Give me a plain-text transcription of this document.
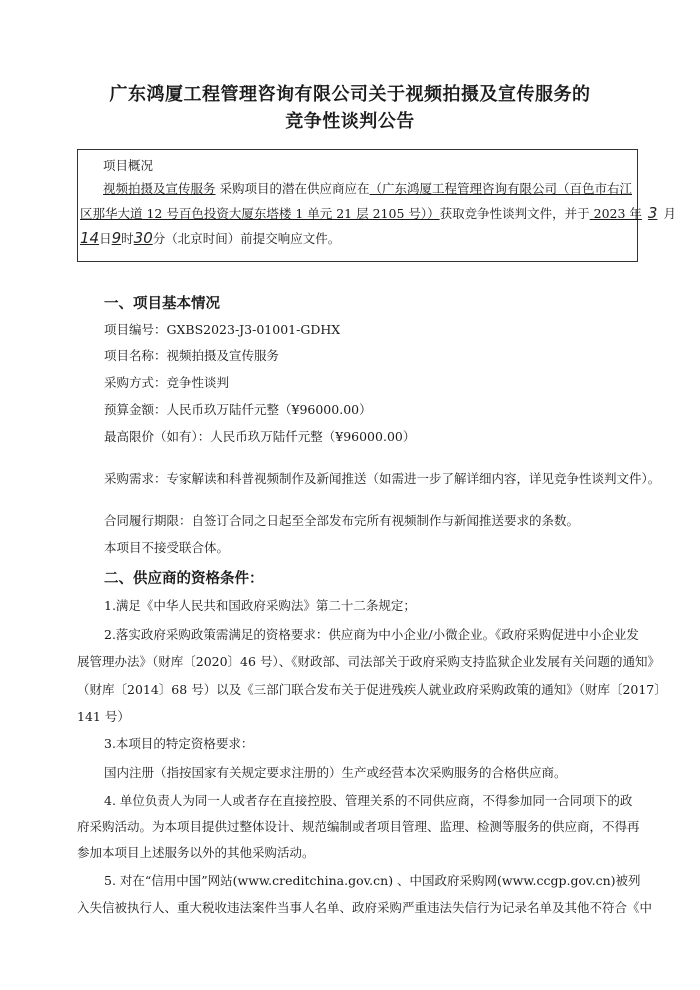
广东鸿厦工程管理咨询有限公司关于视频拍摄及宣传服务的
竞争性谈判公告
项目概况
视频拍摄及宣传服务 采购项目的潜在供应商应在（广东鸿厦工程管理咨询有限公司（百色市右江
区那华大道 12 号百色投资大厦东塔楼 1 单元 21 层 2105 号））获取竞争性谈判文件，并于 2023 年 3 月
14日9时30分（北京时间）前提交响应文件。
一、项目基本情况
项目编号：GXBS2023-J3-01001-GDHX
项目名称：视频拍摄及宣传服务
采购方式：竞争性谈判
预算金额：人民币玖万陆仟元整（¥96000.00）
最高限价（如有）：人民币玖万陆仟元整（¥96000.00）
采购需求：专家解读和科普视频制作及新闻推送（如需进一步了解详细内容，详见竞争性谈判文件）。
合同履行期限：自签订合同之日起至全部发布完所有视频制作与新闻推送要求的条数。
本项目不接受联合体。
二、供应商的资格条件：
1.满足《中华人民共和国政府采购法》第二十二条规定；
2.落实政府采购政策需满足的资格要求：供应商为中小企业/小微企业。《政府采购促进中小企业发
展管理办法》（财库〔2020〕46 号）、《财政部、司法部关于政府采购支持监狱企业发展有关问题的通知》
（财库〔2014〕68 号）以及《三部门联合发布关于促进残疾人就业政府采购政策的通知》（财库〔2017〕
141 号）
3.本项目的特定资格要求：
国内注册（指按国家有关规定要求注册的）生产或经营本次采购服务的合格供应商。
4. 单位负责人为同一人或者存在直接控股、管理关系的不同供应商，不得参加同一合同项下的政
府采购活动。为本项目提供过整体设计、规范编制或者项目管理、监理、检测等服务的供应商，不得再
参加本项目上述服务以外的其他采购活动。
5. 对在“信用中国”网站(www.creditchina.gov.cn) 、中国政府采购网(www.ccgp.gov.cn)被列
入失信被执行人、重大税收违法案件当事人名单、政府采购严重违法失信行为记录名单及其他不符合《中
